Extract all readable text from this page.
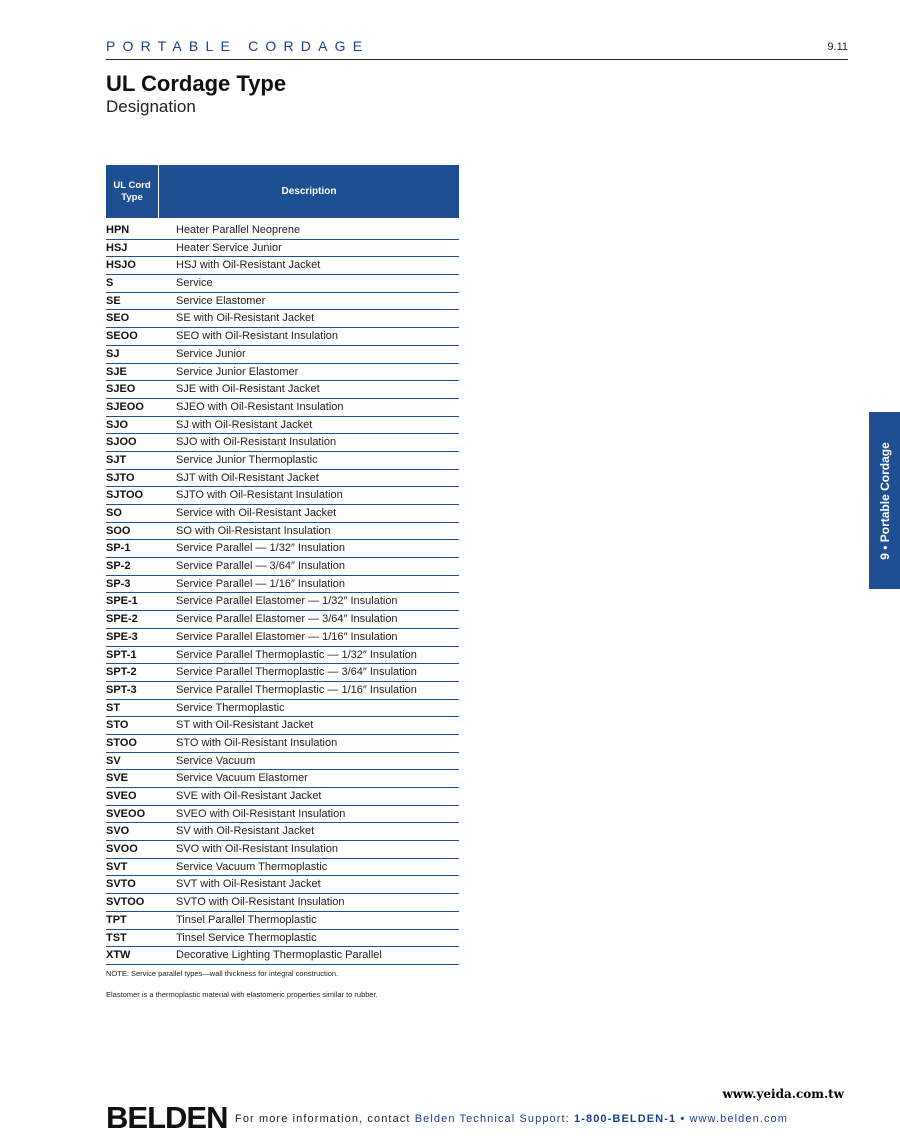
PORTABLE CORDAGE	9.11
UL Cordage Type
Designation
UL Cord Type	Description
HPN	Heater Parallel Neoprene
HSJ	Heater Service Junior
HSJO	HSJ with Oil-Resistant Jacket
S	Service
SE	Service Elastomer
SEO	SE with Oil-Resistant Jacket
SEOO	SEO with Oil-Resistant Insulation
SJ	Service Junior
SJE	Service Junior Elastomer
SJEO	SJE with Oil-Resistant Jacket
SJEOO	SJEO with Oil-Resistant Insulation
SJO	SJ with Oil-Resistant Jacket
SJOO	SJO with Oil-Resistant Insulation
SJT	Service Junior Thermoplastic
SJTO	SJT with Oil-Resistant Jacket
SJTOO	SJTO with Oil-Resistant Insulation
SO	Service with Oil-Resistant Jacket
SOO	SO with Oil-Resistant Insulation
SP-1	Service Parallel — 1/32″ Insulation
SP-2	Service Parallel — 3/64″ Insulation
SP-3	Service Parallel — 1/16″ Insulation
SPE-1	Service Parallel Elastomer — 1/32″ Insulation
SPE-2	Service Parallel Elastomer — 3/64″ Insulation
SPE-3	Service Parallel Elastomer — 1/16″ Insulation
SPT-1	Service Parallel Thermoplastic — 1/32″ Insulation
SPT-2	Service Parallel Thermoplastic — 3/64″ Insulation
SPT-3	Service Parallel Thermoplastic — 1/16″ Insulation
ST	Service Thermoplastic
STO	ST with Oil-Resistant Jacket
STOO	STO with Oil-Resistant Insulation
SV	Service Vacuum
SVE	Service Vacuum Elastomer
SVEO	SVE with Oil-Resistant Jacket
SVEOO	SVEO with Oil-Resistant Insulation
SVO	SV with Oil-Resistant Jacket
SVOO	SVO with Oil-Resistant Insulation
SVT	Service Vacuum Thermoplastic
SVTO	SVT with Oil-Resistant Jacket
SVTOO	SVTO with Oil-Resistant Insulation
TPT	Tinsel Parallel Thermoplastic
TST	Tinsel Service Thermoplastic
XTW	Decorative Lighting Thermoplastic Parallel

NOTE: Service parallel types—wall thickness for integral construction.

Elastomer is a thermoplastic material with elastomeric properties similar to rubber.

9 • Portable Cordage
www.yeida.com.tw
BELDEN For more information, contact Belden Technical Support: 1-800-BELDEN-1 • www.belden.com
